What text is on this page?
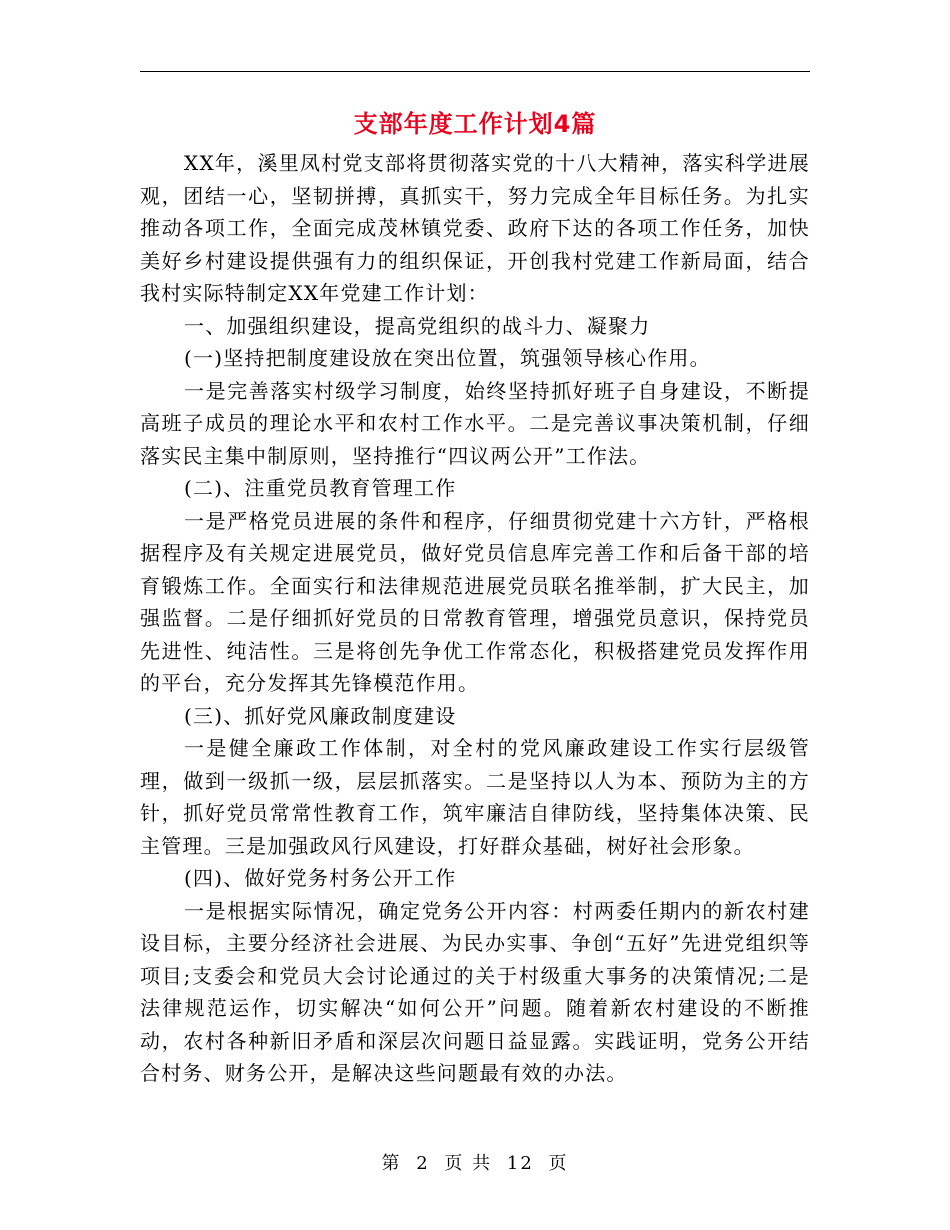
支部年度工作计划4篇

XX年，溪里凤村党支部将贯彻落实党的十八大精神，落实科学进展观，团结一心，坚韧拼搏，真抓实干，努力完成全年目标任务。为扎实推动各项工作，全面完成茂林镇党委、政府下达的各项工作任务，加快美好乡村建设提供强有力的组织保证，开创我村党建工作新局面，结合我村实际特制定XX年党建工作计划：

一、加强组织建设，提高党组织的战斗力、凝聚力

(一)坚持把制度建设放在突出位置，筑强领导核心作用。

一是完善落实村级学习制度，始终坚持抓好班子自身建设，不断提高班子成员的理论水平和农村工作水平。二是完善议事决策机制，仔细落实民主集中制原则，坚持推行“四议两公开”工作法。

(二)、注重党员教育管理工作

一是严格党员进展的条件和程序，仔细贯彻党建十六方针，严格根据程序及有关规定进展党员，做好党员信息库完善工作和后备干部的培育锻炼工作。全面实行和法律规范进展党员联名推举制，扩大民主，加强监督。二是仔细抓好党员的日常教育管理，增强党员意识，保持党员先进性、纯洁性。三是将创先争优工作常态化，积极搭建党员发挥作用的平台，充分发挥其先锋模范作用。

(三)、抓好党风廉政制度建设

一是健全廉政工作体制，对全村的党风廉政建设工作实行层级管理，做到一级抓一级，层层抓落实。二是坚持以人为本、预防为主的方针，抓好党员常常性教育工作，筑牢廉洁自律防线，坚持集体决策、民主管理。三是加强政风行风建设，打好群众基础，树好社会形象。

(四)、做好党务村务公开工作

一是根据实际情况，确定党务公开内容：村两委任期内的新农村建设目标，主要分经济社会进展、为民办实事、争创“五好”先进党组织等项目;支委会和党员大会讨论通过的关于村级重大事务的决策情况;二是法律规范运作，切实解决“如何公开”问题。随着新农村建设的不断推动，农村各种新旧矛盾和深层次问题日益显露。实践证明，党务公开结合村务、财务公开，是解决这些问题最有效的办法。

第 2 页 共 12 页
